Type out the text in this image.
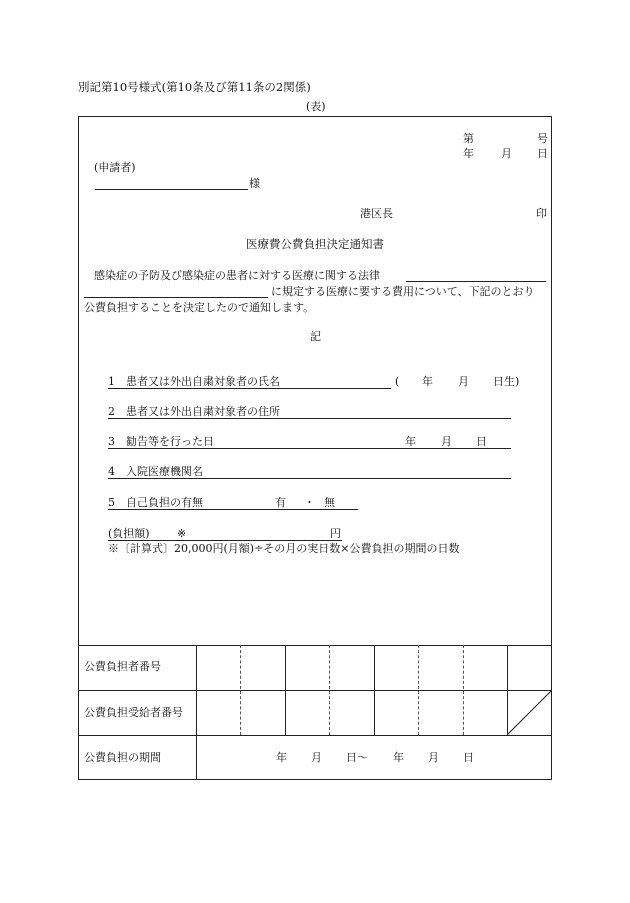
別記第10号様式(第10条及び第11条の2関係)
(表)
第	号
年 月 日
(申請者)
様
港区長	印
医療費公費負担決定通知書
感染症の予防及び感染症の患者に対する医療に関する法律
に規定する医療に要する費用について、下記のとおり
公費負担することを決定したので通知します。
記
1　患者又は外出自粛対象者の氏名	( 年 月 日生)
2　患者又は外出自粛対象者の住所
3　勧告等を行った日	年 月 日
4　入院医療機関名
5　自己負担の有無	有 ・ 無
(負担額) ※	円
※〔計算式〕20,000円(月額)÷その月の実日数×公費負担の期間の日数
公費負担者番号
公費負担受給者番号
公費負担の期間	年 月 日〜 年 月 日
